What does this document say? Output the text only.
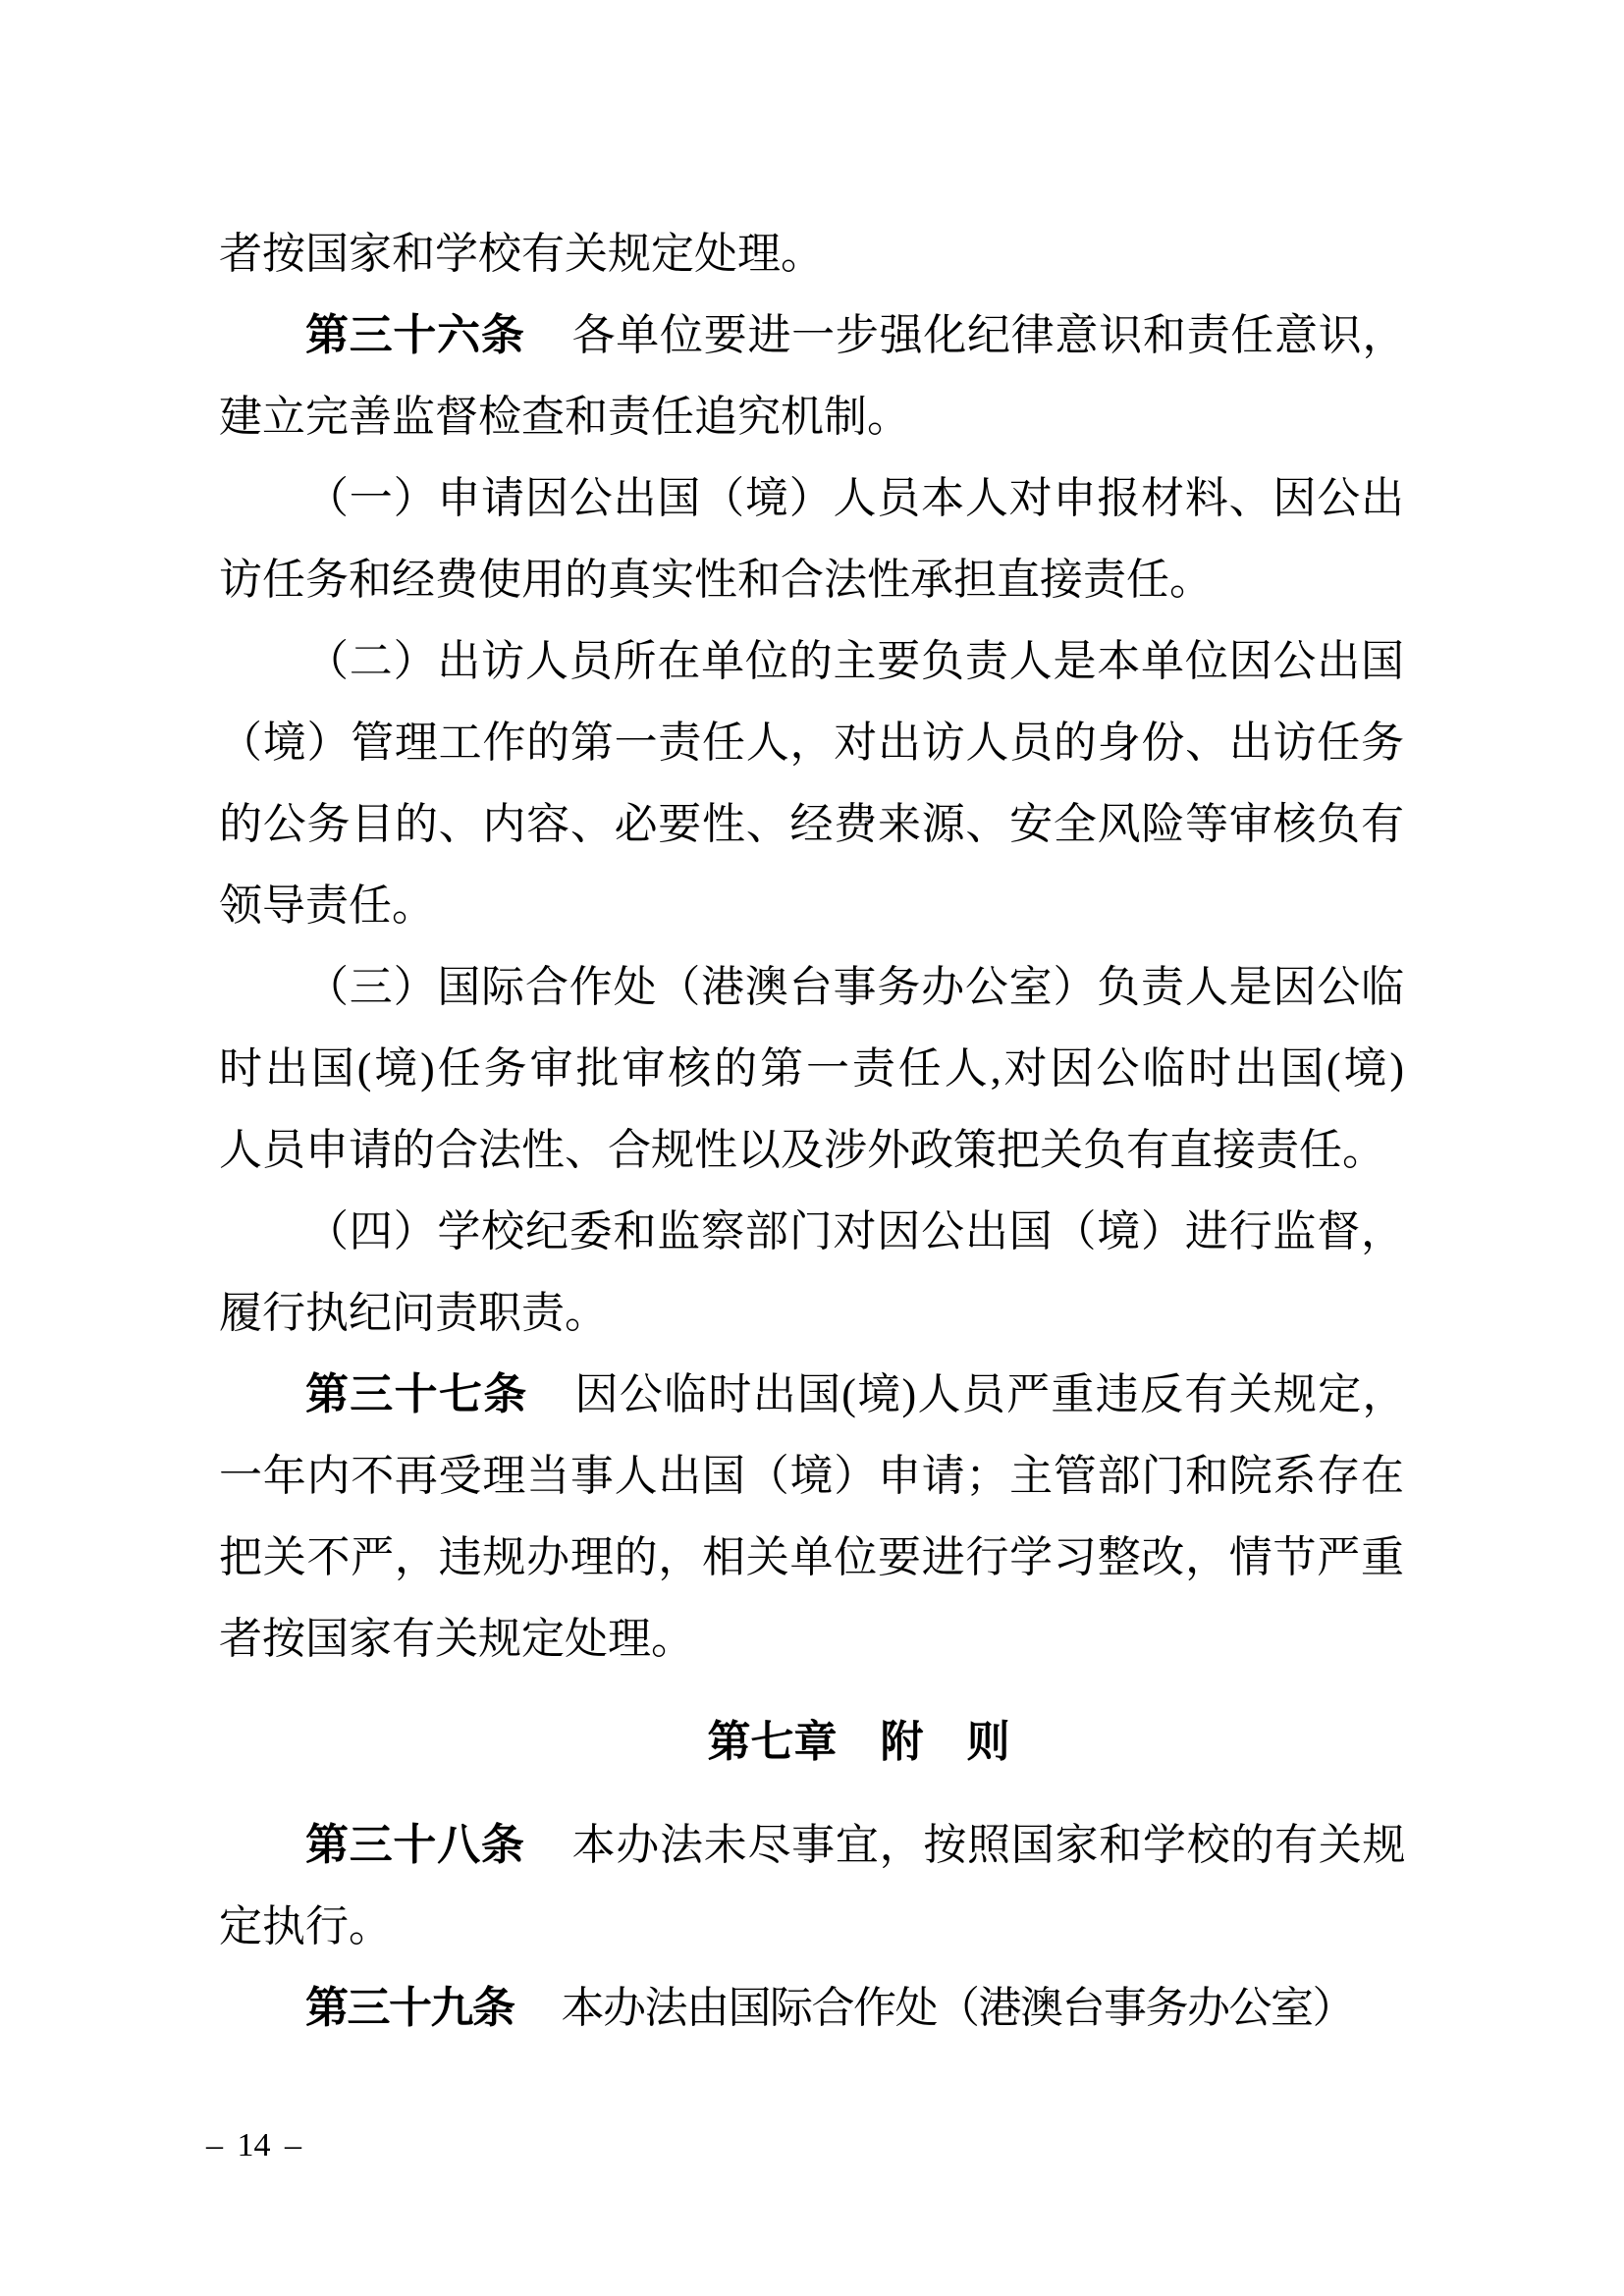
者按国家和学校有关规定处理。
第三十六条 各单位要进一步强化纪律意识和责任意识，
建立完善监督检查和责任追究机制。
（一）申请因公出国（境）人员本人对申报材料、因公出
访任务和经费使用的真实性和合法性承担直接责任。
（二）出访人员所在单位的主要负责人是本单位因公出国
（境）管理工作的第一责任人，对出访人员的身份、出访任务
的公务目的、内容、必要性、经费来源、安全风险等审核负有
领导责任。
（三）国际合作处（港澳台事务办公室）负责人是因公临
时出国(境)任务审批审核的第一责任人,对因公临时出国(境)
人员申请的合法性、合规性以及涉外政策把关负有直接责任。
（四）学校纪委和监察部门对因公出国（境）进行监督，
履行执纪问责职责。
第三十七条 因公临时出国(境)人员严重违反有关规定，
一年内不再受理当事人出国（境）申请；主管部门和院系存在
把关不严，违规办理的，相关单位要进行学习整改，情节严重
者按国家有关规定处理。
第七章　附　则
第三十八条 本办法未尽事宜，按照国家和学校的有关规
定执行。
第三十九条 本办法由国际合作处（港澳台事务办公室）
– 14 –
